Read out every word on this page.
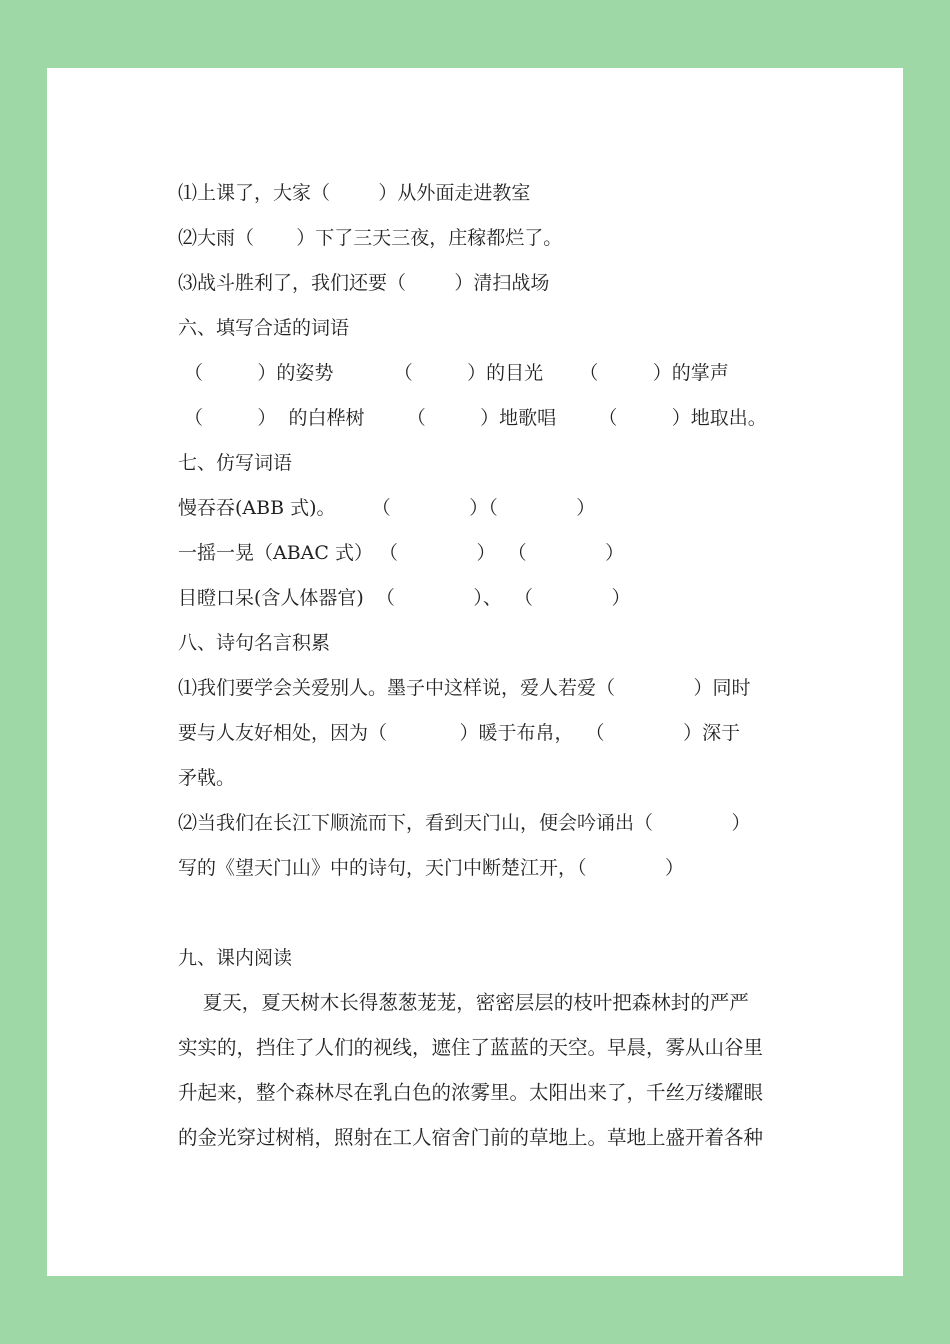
⑴上课了，大家（        ）从外面走进教室
⑵大雨（       ）下了三天三夜，庄稼都烂了。
⑶战斗胜利了，我们还要（        ）清扫战场
六、填写合适的词语
（         ）的姿势          （         ）的目光      （         ）的掌声
（         ）  的白桦树       （         ）地歌唱       （         ）地取出。
七、仿写词语
慢吞吞(ABB 式)。      （             ）（             ）
一摇一晃（ABAC 式） （             ）  （             ）
目瞪口呆(含人体器官)  （             ）、  （             ）
八、诗句名言积累
⑴我们要学会关爱别人。墨子中这样说，爱人若爱（             ）同时
要与人友好相处，因为（            ）暖于布帛，  （             ）深于
矛戟。
⑵当我们在长江下顺流而下，看到天门山，便会吟诵出（             ）
写的《望天门山》中的诗句，天门中断楚江开，（             ）
九、课内阅读
夏天，夏天树木长得葱葱茏茏，密密层层的枝叶把森林封的严严
实实的，挡住了人们的视线，遮住了蓝蓝的天空。早晨，雾从山谷里
升起来，整个森林尽在乳白色的浓雾里。太阳出来了，千丝万缕耀眼
的金光穿过树梢，照射在工人宿舍门前的草地上。草地上盛开着各种
